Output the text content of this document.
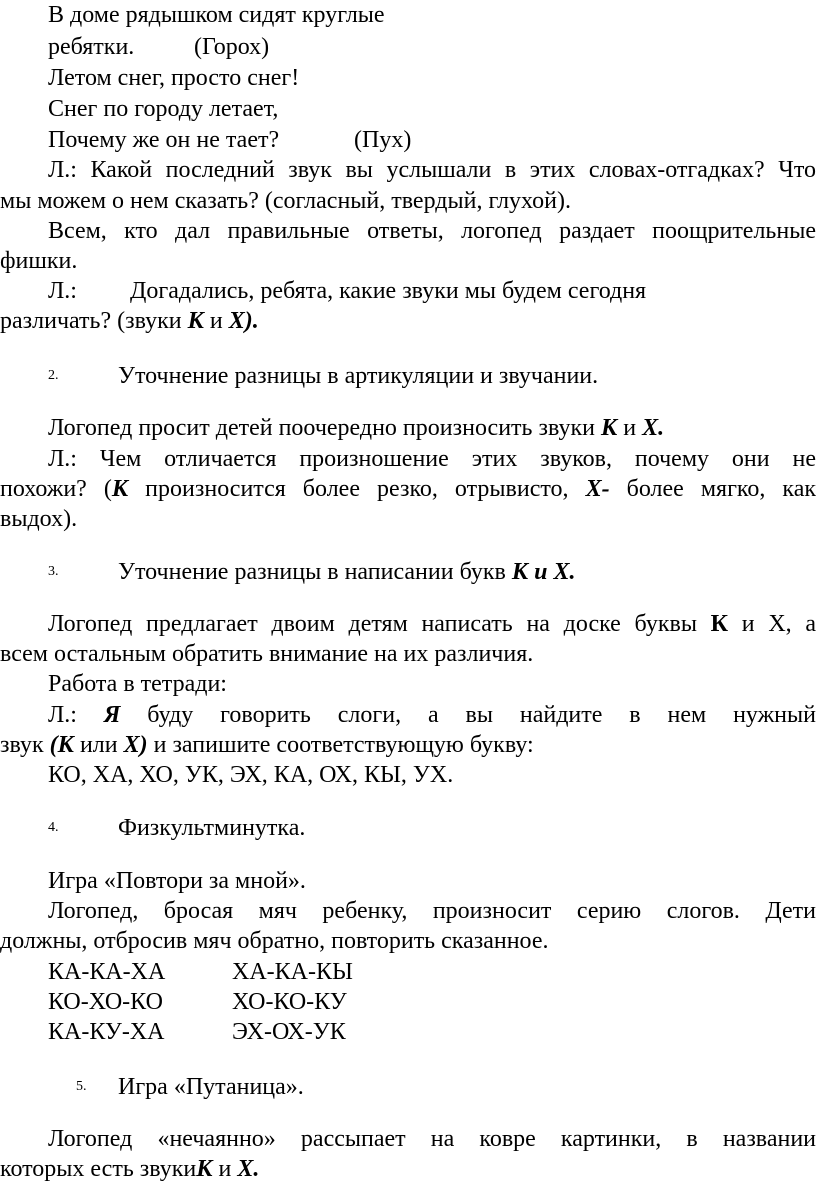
В доме рядышком сидят круглые
ребятки. (Горох)
Летом снег, просто снег!
Снег по городу летает,
Почему же он не тает?	(Пух)
Л.: Какой последний звук вы услышали в этих словах-отгадках? Что
мы можем о нем сказать? (согласный, твердый, глухой).
Всем, кто дал правильные ответы, логопед раздает поощрительные
фишки.
Л.: Догадались, ребята, какие звуки мы будем сегодня
различать? (звуки К и Х).
2. Уточнение разницы в артикуляции и звучании.
Логопед просит детей поочередно произносить звуки К и Х.
Л.: Чем отличается произношение этих звуков, почему они не
похожи? (К произносится более резко, отрывисто, Х- более мягко, как
выдох).
3. Уточнение разницы в написании букв К и Х.
Логопед предлагает двоим детям написать на доске буквы К и Х, а
всем остальным обратить внимание на их различия.
Работа в тетради:
Л.: Я буду говорить слоги, а вы найдите в нем нужный
звук (К или Х) и запишите соответствующую букву:
КО, ХА, ХО, УК, ЭХ, КА, ОХ, КЫ, УХ.
4. Физкультминутка.
Игра «Повтори за мной».
Логопед, бросая мяч ребенку, произносит серию слогов. Дети
должны, отбросив мяч обратно, повторить сказанное.
КА-КА-ХА	ХА-КА-КЫ
КО-ХО-КО	ХО-КО-КУ
КА-КУ-ХА	ЭХ-ОХ-УК
5. Игра «Путаница».
Логопед «нечаянно» рассыпает на ковре картинки, в названии
которых есть звукиК и Х.
